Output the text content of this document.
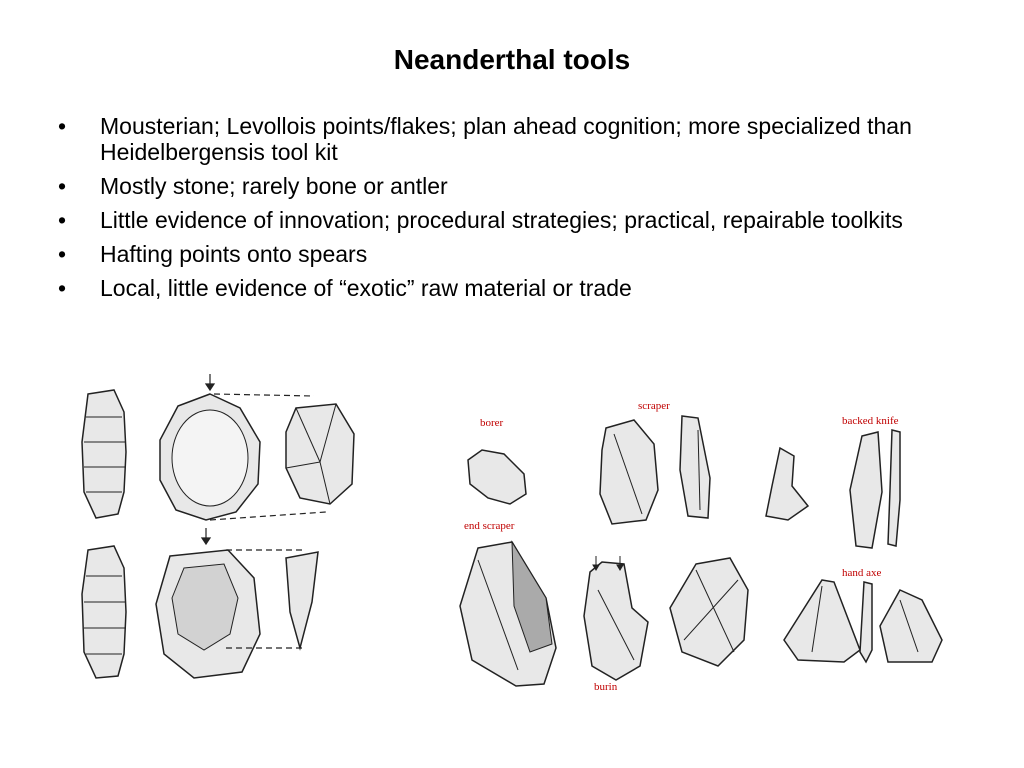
Neanderthal tools
•	Mousterian; Levollois points/flakes; plan ahead cognition; more specialized than Heidelbergensis tool kit
•	Mostly stone; rarely bone or antler
•	Little evidence of innovation; procedural strategies; practical, repairable toolkits
•	Hafting points onto spears
•	Local, little evidence of “exotic” raw material or trade
borer
scraper
backed knife
end scraper
hand axe
burin
